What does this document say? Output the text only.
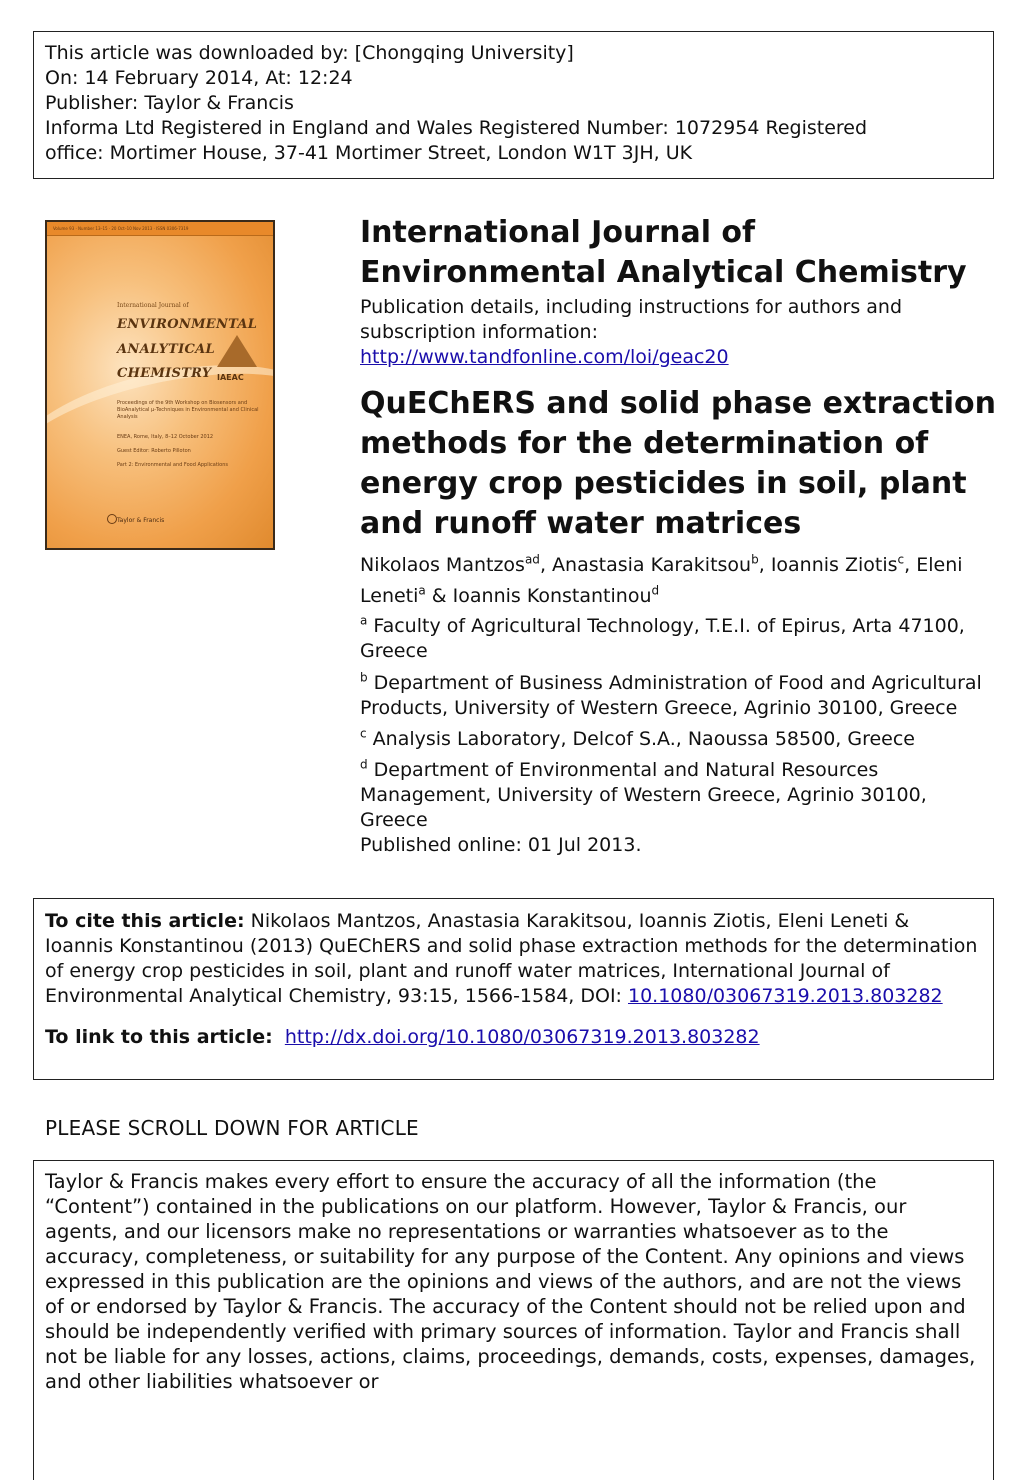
This article was downloaded by: [Chongqing University]
On: 14 February 2014, At: 12:24
Publisher: Taylor & Francis
Informa Ltd Registered in England and Wales Registered Number: 1072954 Registered
office: Mortimer House, 37-41 Mortimer Street, London W1T 3JH, UK
Volume 93 · Number 13–15 · 20 Oct–10 Nov 2013 · ISSN 0306-7319
International Journal of
ENVIRONMENTAL
ANALYTICAL
CHEMISTRY IAEAC
Proceedings of the 9th Workshop on Biosensors and BioAnalytical μ-Techniques in Environmental and Clinical Analysis
ENEA, Rome, Italy, 8–12 October 2012
Guest Editor: Roberto Pilloton
Part 2: Environmental and Food Applications
Taylor & Francis
International Journal of Environmental Analytical Chemistry
Publication details, including instructions for authors and
subscription information:
http://www.tandfonline.com/loi/geac20
QuEChERS and solid phase extraction methods for the determination of energy crop pesticides in soil, plant and runoff water matrices
Nikolaos Mantzos$^{ad}$, Anastasia Karakitsou$^b$, Ioannis Ziotis$^c$, Eleni Leneti$^a$ & Ioannis Konstantinou$^d$
$^a$ Faculty of Agricultural Technology, T.E.I. of Epirus, Arta 47100, Greece
$^b$ Department of Business Administration of Food and Agricultural Products, University of Western Greece, Agrinio 30100, Greece
$^c$ Analysis Laboratory, Delcof S.A., Naoussa 58500, Greece
$^d$ Department of Environmental and Natural Resources Management, University of Western Greece, Agrinio 30100, Greece
Published online: 01 Jul 2013.
To cite this article: Nikolaos Mantzos, Anastasia Karakitsou, Ioannis Ziotis, Eleni Leneti & Ioannis Konstantinou (2013) QuEChERS and solid phase extraction methods for the determination of energy crop pesticides in soil, plant and runoff water matrices, International Journal of Environmental Analytical Chemistry, 93:15, 1566-1584, DOI: 10.1080/03067319.2013.803282
To link to this article: http://dx.doi.org/10.1080/03067319.2013.803282
PLEASE SCROLL DOWN FOR ARTICLE
Taylor & Francis makes every effort to ensure the accuracy of all the information (the “Content”) contained in the publications on our platform. However, Taylor & Francis, our agents, and our licensors make no representations or warranties whatsoever as to the accuracy, completeness, or suitability for any purpose of the Content. Any opinions and views expressed in this publication are the opinions and views of the authors, and are not the views of or endorsed by Taylor & Francis. The accuracy of the Content should not be relied upon and should be independently verified with primary sources of information. Taylor and Francis shall not be liable for any losses, actions, claims, proceedings, demands, costs, expenses, damages, and other liabilities whatsoever or
